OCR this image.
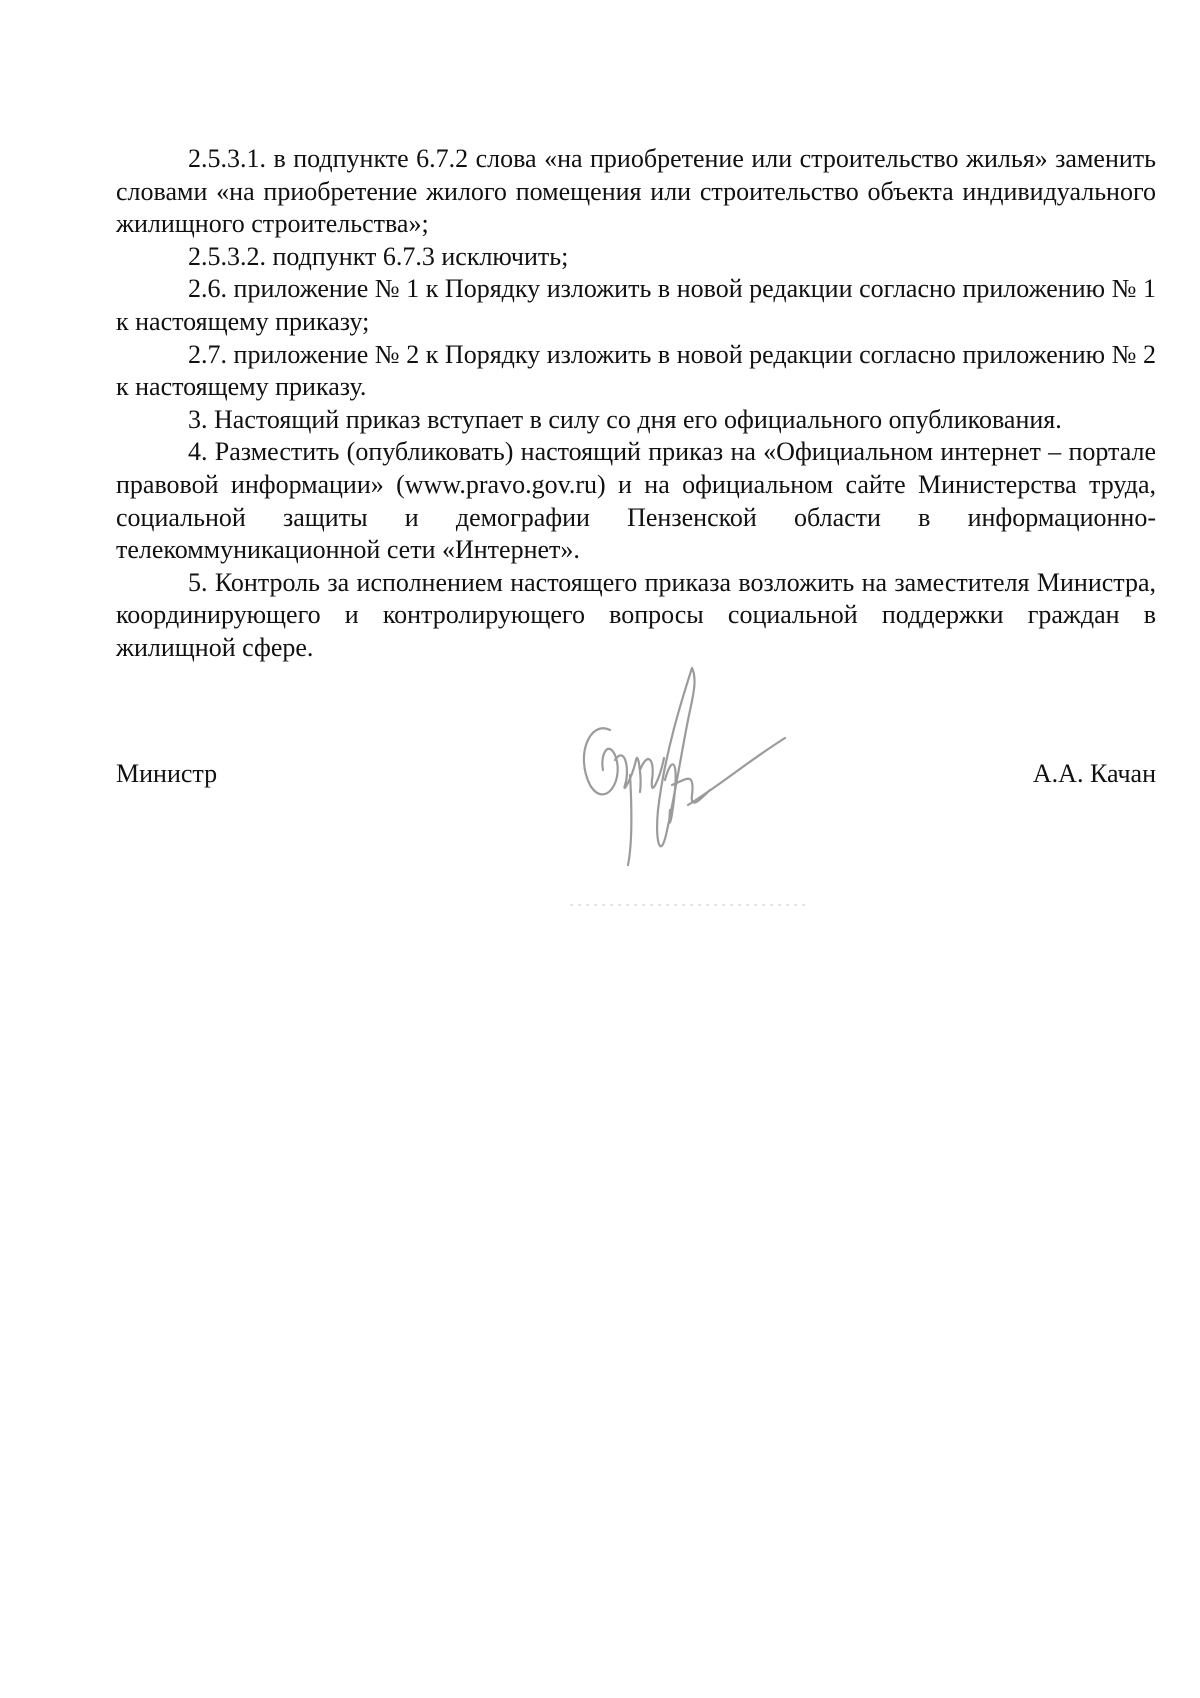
2.5.3.1. в подпункте 6.7.2 слова «на приобретение или строительство жилья» заменить словами «на приобретение жилого помещения или строительство объекта индивидуального жилищного строительства»;

2.5.3.2. подпункт 6.7.3 исключить;

2.6. приложение № 1 к Порядку изложить в новой редакции согласно приложению № 1 к настоящему приказу;

2.7. приложение № 2 к Порядку изложить в новой редакции согласно приложению № 2 к настоящему приказу.

3. Настоящий приказ вступает в силу со дня его официального опубликования.

4. Разместить (опубликовать) настоящий приказ на «Официальном интернет – портале правовой информации» (www.pravo.gov.ru) и на официальном сайте Министерства труда, социальной защиты и демографии Пензенской области в информационно-телекоммуникационной сети «Интернет».

5. Контроль за исполнением настоящего приказа возложить на заместителя Министра, координирующего и контролирующего вопросы социальной поддержки граждан в жилищной сфере.

Министр	А.А. Качан
